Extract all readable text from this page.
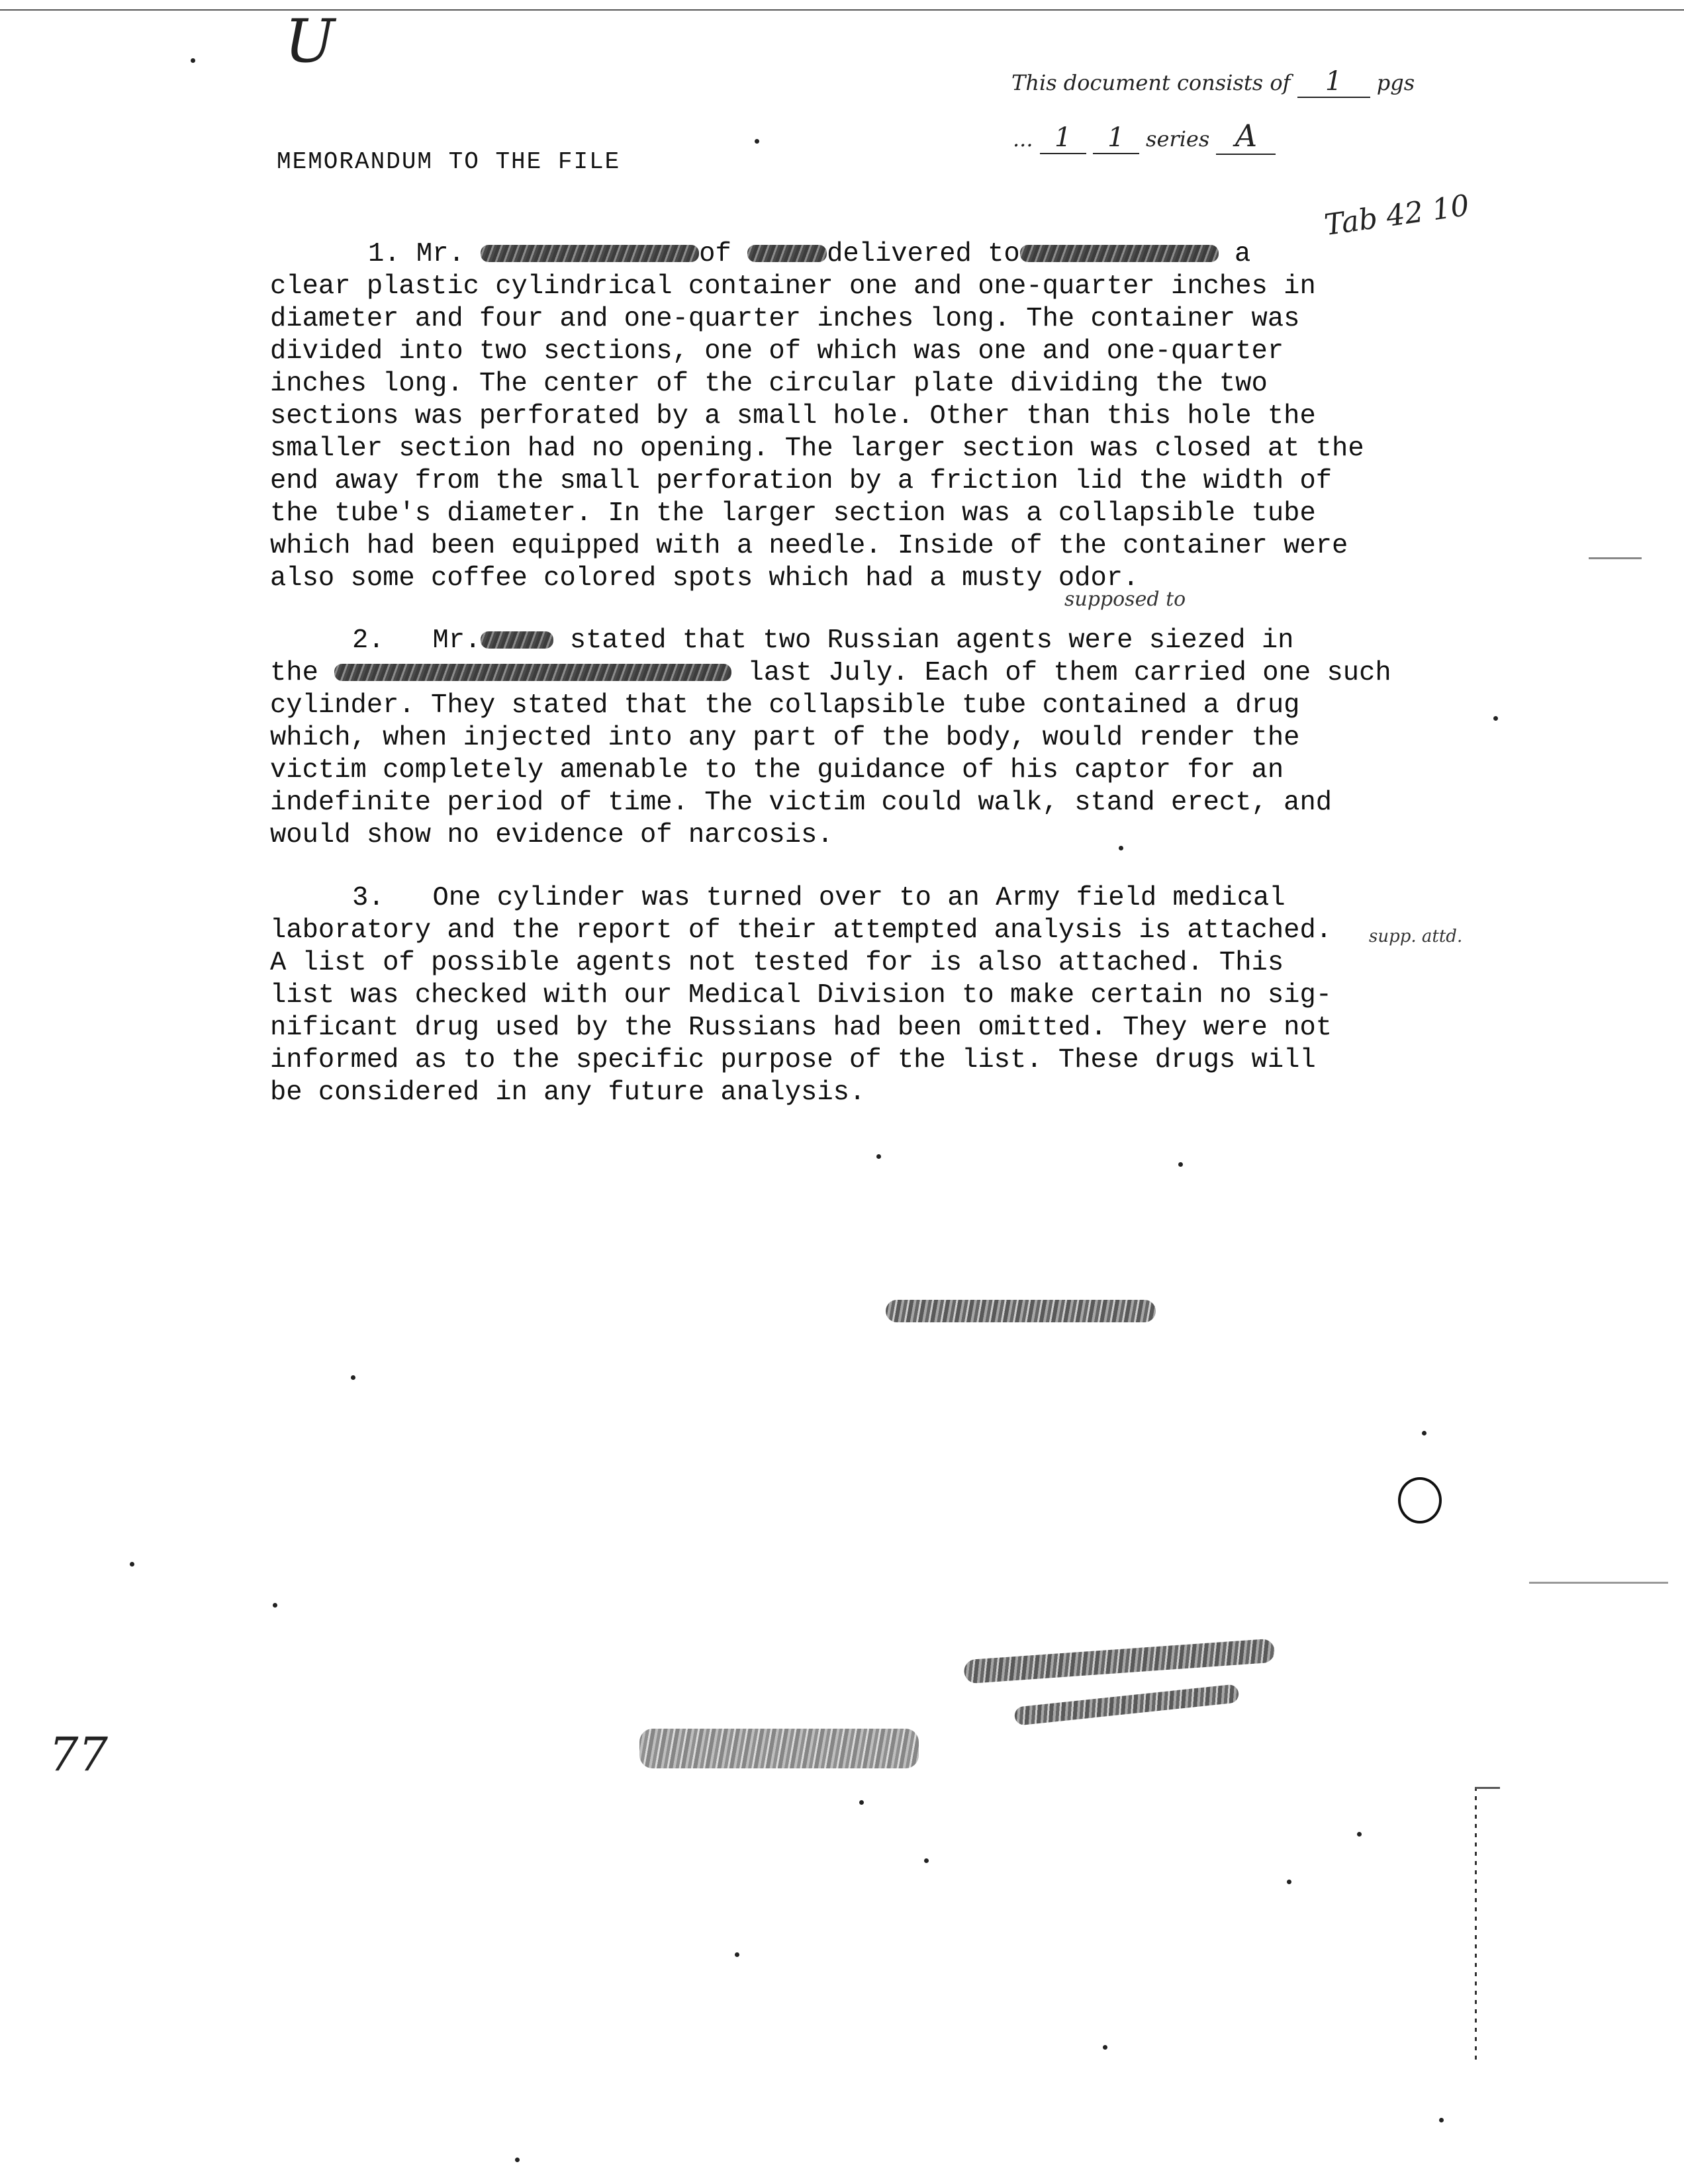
U
This document consists of 1 pgs
... 1 1 series A
Tab 42 10
MEMORANDUM TO THE FILE
1. Mr.	of	delivered to	a
clear plastic cylindrical container one and one-quarter inches in
diameter and four and one-quarter inches long. The container was
divided into two sections, one of which was one and one-quarter
inches long. The center of the circular plate dividing the two
sections was perforated by a small hole. Other than this hole the
smaller section had no opening. The larger section was closed at the
end away from the small perforation by a friction lid the width of
the tube's diameter. In the larger section was a collapsible tube
which had been equipped with a needle. Inside of the container were
also some coffee colored spots which had a musty odor.
supposed to
2. Mr.	stated that two Russian agents were siezed in
the	last July. Each of them carried one such
cylinder. They stated that the collapsible tube contained a drug
which, when injected into any part of the body, would render the
victim completely amenable to the guidance of his captor for an
indefinite period of time. The victim could walk, stand erect, and
would show no evidence of narcosis.
3. One cylinder was turned over to an Army field medical
laboratory and the report of their attempted analysis is attached.
A list of possible agents not tested for is also attached. This
list was checked with our Medical Division to make certain no sig-
nificant drug used by the Russians had been omitted. They were not
informed as to the specific purpose of the list. These drugs will
be considered in any future analysis.
supp. attd.
77
